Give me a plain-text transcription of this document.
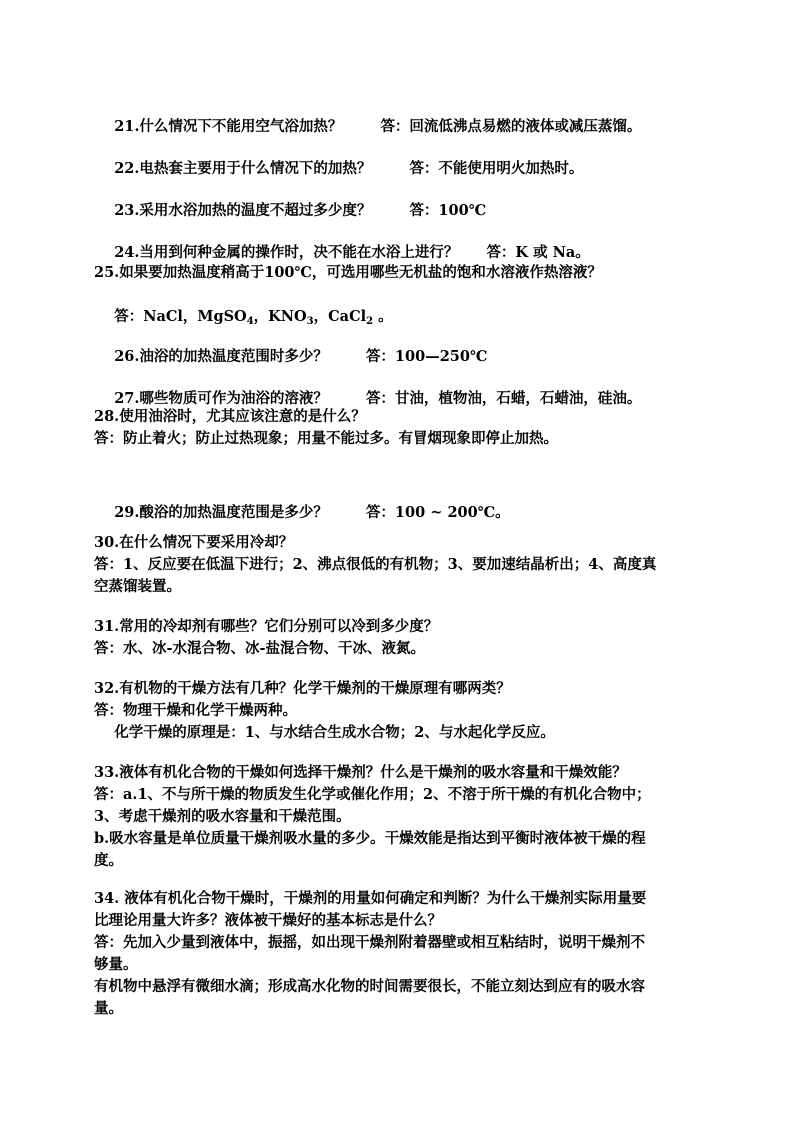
21.什么情况下不能用空气浴加热？	答：回流低沸点易燃的液体或减压蒸馏。

22.电热套主要用于什么情况下的加热？	答：不能使用明火加热时。

23.采用水浴加热的温度不超过多少度？	答：100℃

24.当用到何种金属的操作时，决不能在水浴上进行？ 答：K 或 Na。

25.如果要加热温度稍高于100℃，可选用哪些无机盐的饱和水溶液作热溶液？

答：NaCl，MgSO$_4$，$KNO_3$，CaCl$_2$ 。

26.油浴的加热温度范围时多少？	答：100—250℃

27.哪些物质可作为油浴的溶液？	答：甘油，植物油，石蜡，石蜡油，硅油。

28.使用油浴时，尤其应该注意的是什么？
答：防止着火；防止过热现象；用量不能过多。有冒烟现象即停止加热。

29.酸浴的加热温度范围是多少？	答：100 ~ 200℃。

30.在什么情况下要采用冷却？
答：1、反应要在低温下进行；2、沸点很低的有机物；3、要加速结晶析出；4、高度真
空蒸馏装置。
31.常用的冷却剂有哪些？它们分别可以冷到多少度？
答：水、冰-水混合物、冰-盐混合物、干冰、液氮。
32.有机物的干燥方法有几种？化学干燥剂的干燥原理有哪两类？
答：物理干燥和化学干燥两种。
化学干燥的原理是：1、与水结合生成水合物；2、与水起化学反应。
33.液体有机化合物的干燥如何选择干燥剂？什么是干燥剂的吸水容量和干燥效能？
答：a.1、不与所干燥的物质发生化学或催化作用；2、不溶于所干燥的有机化合物中；
3、考虑干燥剂的吸水容量和干燥范围。
b.吸水容量是单位质量干燥剂吸水量的多少。干燥效能是指达到平衡时液体被干燥的程
度。
34. 液体有机化合物干燥时，干燥剂的用量如何确定和判断？为什么干燥剂实际用量要
比理论用量大许多？液体被干燥好的基本标志是什么？
答：先加入少量到液体中，振摇，如出现干燥剂附着器壁或相互粘结时，说明干燥剂不
够量。
有机物中悬浮有微细水滴；形成高水化物的时间需要很长，不能立刻达到应有的吸水容
量。
